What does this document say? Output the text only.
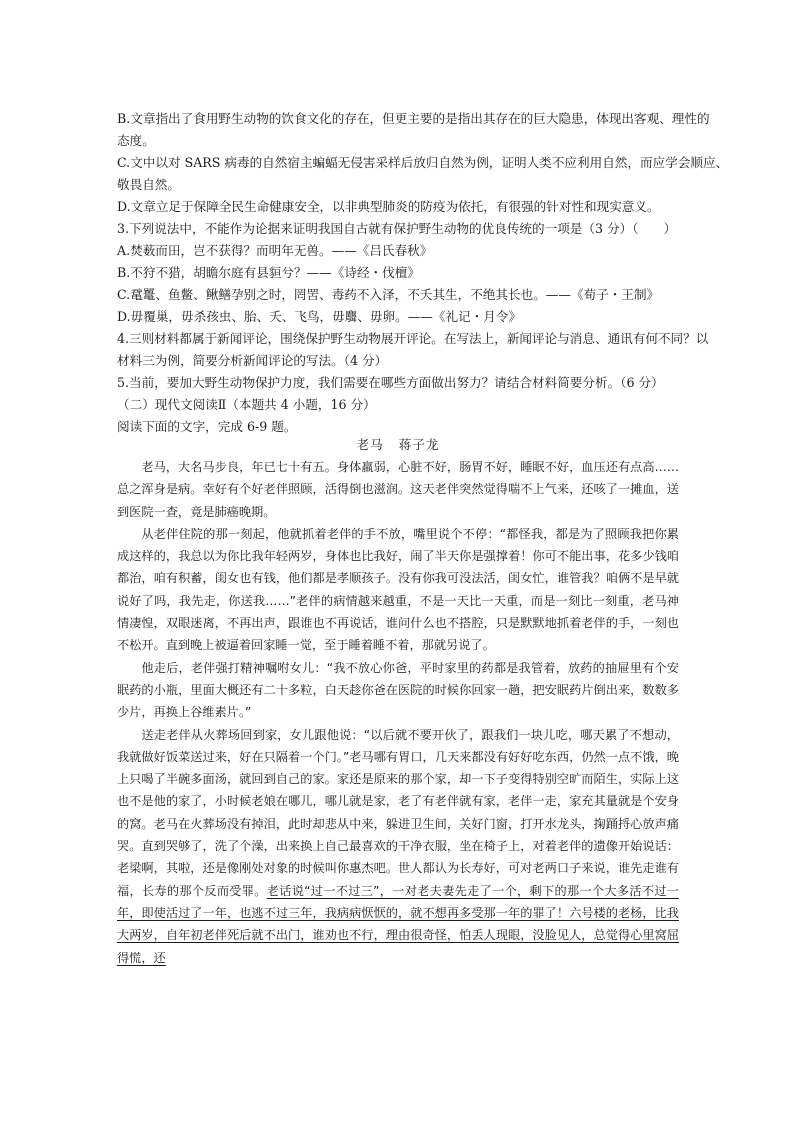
B.文章指出了食用野生动物的饮食文化的存在，但更主要的是指出其存在的巨大隐患，体现出客观、理性的
态度。
C.文中以对 SARS 病毒的自然宿主蝙蝠无侵害采样后放归自然为例，证明人类不应利用自然，而应学会顺应、
敬畏自然。
D.文章立足于保障全民生命健康安全，以非典型肺炎的防疫为依托，有很强的针对性和现实意义。
3.下列说法中，不能作为论据来证明我国自古就有保护野生动物的优良传统的一项是（3 分）（　　）
A.焚薮而田，岂不获得？而明年无兽。——《吕氏春秋》
B.不狩不猎，胡瞻尔庭有县貆兮？——《诗经・伐檀》
C.鼋鼍、鱼鳖、鳅鳝孕别之时，罔罟、毒药不入泽，不夭其生，不绝其长也。——《荀子・王制》
D.毋覆巢，毋杀孩虫、胎、夭、飞鸟，毋麛、毋卵。——《礼记・月令》
4.三则材料都属于新闻评论，围绕保护野生动物展开评论。在写法上，新闻评论与消息、通讯有何不同？以
材料三为例，简要分析新闻评论的写法。（4 分）
5.当前，要加大野生动物保护力度，我们需要在哪些方面做出努力？请结合材料简要分析。（6 分）
（二）现代文阅读Ⅱ（本题共 4 小题，16 分）
阅读下面的文字，完成 6-9 题。
老马 蒋子龙

老马，大名马步良，年已七十有五。身体羸弱，心脏不好，肠胃不好，睡眠不好，血压还有点高……总之浑身是病。幸好有个好老伴照顾，活得倒也滋润。这天老伴突然觉得喘不上气来，还咳了一摊血，送到医院一查，竟是肺癌晚期。

从老伴住院的那一刻起，他就抓着老伴的手不放，嘴里说个不停：“都怪我，都是为了照顾我把你累成这样的，我总以为你比我年轻两岁，身体也比我好，闹了半天你是强撑着！你可不能出事，花多少钱咱都治，咱有积蓄，闺女也有钱，他们都是孝顺孩子。没有你我可没法活，闺女忙，谁管我？咱俩不是早就说好了吗，我先走，你送我……”老伴的病情越来越重，不是一天比一天重，而是一刻比一刻重，老马神情凄惶，双眼迷离，不再出声，跟谁也不再说话，谁问什么也不搭腔，只是默默地抓着老伴的手，一刻也不松开。直到晚上被逼着回家睡一觉，至于睡着睡不着，那就另说了。

他走后，老伴强打精神嘱咐女儿：“我不放心你爸，平时家里的药都是我管着，放药的抽屉里有个安眠药的小瓶，里面大概还有二十多粒，白天趁你爸在医院的时候你回家一趟，把安眠药片倒出来，数数多少片，再换上谷维素片。”

送走老伴从火葬场回到家，女儿跟他说：“以后就不要开伙了，跟我们一块儿吃，哪天累了不想动，我就做好饭菜送过来，好在只隔着一个门。”老马哪有胃口，几天来都没有好好吃东西，仍然一点不饿，晚上只喝了半碗多面汤，就回到自己的家。家还是原来的那个家，却一下子变得特别空旷而陌生，实际上这也不是他的家了，小时候老娘在哪儿，哪儿就是家，老了有老伴就有家，老伴一走，家充其量就是个安身的窝。老马在火葬场没有掉泪，此时却悲从中来，躲进卫生间，关好门窗，打开水龙头，掬踊捋心放声痛哭。直到哭够了，洗了个澡，出来换上自己最喜欢的干净衣服，坐在椅子上，对着老伴的遗像开始说话：老梁啊，其啦，还是像刚处对象的时候叫你惠杰吧。世人都认为长寿好，可对老两口子来说，谁先走谁有福，长寿的那个反而受罪。老话说“过一不过三”，一对老夫妻先走了一个，剩下的那一个大多活不过一年，即使活过了一年，也逃不过三年，我病病恹恹的，就不想再多受那一年的罪了！六号楼的老杨，比我大两岁，自年初老伴死后就不出门，谁劝也不行，理由很奇怪，怕丢人现眼，没脸见人，总觉得心里窝屈得慌，还
